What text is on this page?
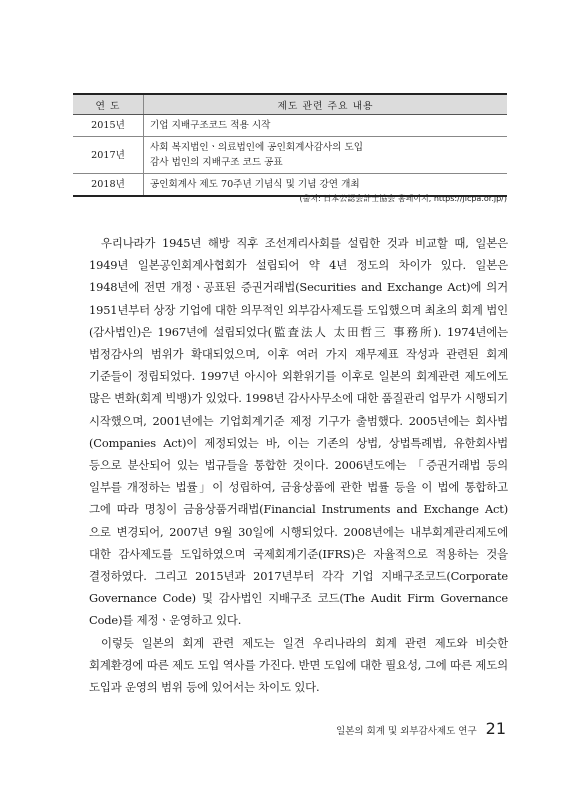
연 도	제도 관련 주요 내용
2015년	기업 지배구조코드 적용 시작

2017년	사회 복지법인ㆍ의료법인에 공인회계사감사의 도입
감사 법인의 지배구조 코드 공표

2018년	공인회계사 제도 70주년 기념식 및 기념 강연 개최
(출처: 日本公認会計士協会 홈페이지, https://jicpa.or.jp/)

우리나라가 1945년 해방 직후 조선계리사회를 설립한 것과 비교할 때, 일본은 1949년 일본공인회계사협회가 설립되어 약 4년 정도의 차이가 있다. 일본은 1948년에 전면 개정ㆍ공표된 증권거래법(Securities and Exchange Act)에 의거 1951년부터 상장 기업에 대한 의무적인 외부감사제도를 도입했으며 최초의 회계 법인(감사법인)은 1967년에 설립되었다(監査法人 太田哲三 事務所). 1974년에는 법정감사의 범위가 확대되었으며, 이후 여러 가지 재무제표 작성과 관련된 회계 기준들이 정립되었다. 1997년 아시아 외환위기를 이후로 일본의 회계관련 제도에도 많은 변화(회계 빅뱅)가 있었다. 1998년 감사사무소에 대한 품질관리 업무가 시행되기 시작했으며, 2001년에는 기업회계기준 제정 기구가 출범했다. 2005년에는 회사법(Companies Act)이 제정되었는 바, 이는 기존의 상법, 상법특례법, 유한회사법 등으로 분산되어 있는 법규들을 통합한 것이다. 2006년도에는 「증권거래법 등의 일부를 개정하는 법률」이 성립하여, 금융상품에 관한 법률 등을 이 법에 통합하고 그에 따라 명칭이 금융상품거래법(Financial Instruments and Exchange Act)으로 변경되어, 2007년 9월 30일에 시행되었다. 2008년에는 내부회계관리제도에 대한 감사제도를 도입하였으며 국제회계기준(IFRS)은 자율적으로 적용하는 것을 결정하였다. 그리고 2015년과 2017년부터 각각 기업 지배구조코드(Corporate Governance Code) 및 감사법인 지배구조 코드(The Audit Firm Governance Code)를 제정ㆍ운영하고 있다.

이렇듯 일본의 회계 관련 제도는 일견 우리나라의 회계 관련 제도와 비슷한 회계환경에 따른 제도 도입 역사를 가진다. 반면 도입에 대한 필요성, 그에 따른 제도의 도입과 운영의 범위 등에 있어서는 차이도 있다.

일본의 회계 및 외부감사제도 연구 21
